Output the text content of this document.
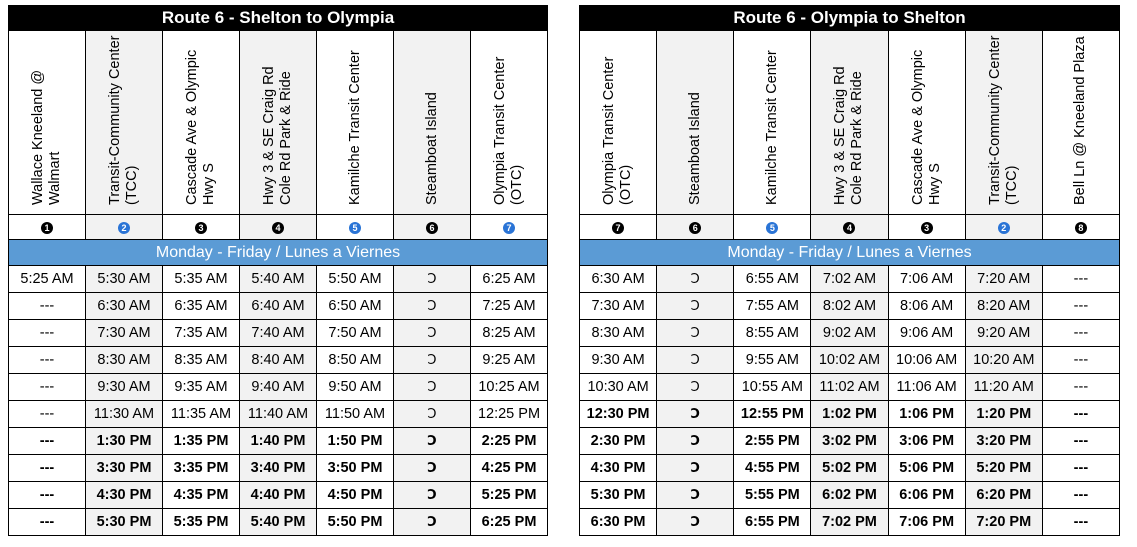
Route 6 - Shelton to Olympia						
Wallace Kneeland @ Walmart	Transit-Community Center (TCC)	Cascade Ave & Olympic Hwy S	Hwy 3 & SE Craig Rd Cole Rd Park & Ride	Kamilche Transit Center	Steamboat Island	Olympia Transit Center (OTC)
1	2	3	4	5	6	7
Monday - Friday / Lunes a Viernes						
5:25 AM	5:30 AM	5:35 AM	5:40 AM	5:50 AM	Ↄ	6:25 AM
---	6:30 AM	6:35 AM	6:40 AM	6:50 AM	Ↄ	7:25 AM
---	7:30 AM	7:35 AM	7:40 AM	7:50 AM	Ↄ	8:25 AM
---	8:30 AM	8:35 AM	8:40 AM	8:50 AM	Ↄ	9:25 AM
---	9:30 AM	9:35 AM	9:40 AM	9:50 AM	Ↄ	10:25 AM
---	11:30 AM	11:35 AM	11:40 AM	11:50 AM	Ↄ	12:25 PM
---	1:30 PM	1:35 PM	1:40 PM	1:50 PM	Ↄ	2:25 PM
---	3:30 PM	3:35 PM	3:40 PM	3:50 PM	Ↄ	4:25 PM
---	4:30 PM	4:35 PM	4:40 PM	4:50 PM	Ↄ	5:25 PM
---	5:30 PM	5:35 PM	5:40 PM	5:50 PM	Ↄ	6:25 PM
Route 6 - Olympia to Shelton						
Olympia Transit Center (OTC)	Steamboat Island	Kamilche Transit Center	Hwy 3 & SE Craig Rd Cole Rd Park & Ride	Cascade Ave & Olympic Hwy S	Transit-Community Center (TCC)	Bell Ln @ Kneeland Plaza
7	6	5	4	3	2	8
Monday - Friday / Lunes a Viernes						
6:30 AM	Ↄ	6:55 AM	7:02 AM	7:06 AM	7:20 AM	---
7:30 AM	Ↄ	7:55 AM	8:02 AM	8:06 AM	8:20 AM	---
8:30 AM	Ↄ	8:55 AM	9:02 AM	9:06 AM	9:20 AM	---
9:30 AM	Ↄ	9:55 AM	10:02 AM	10:06 AM	10:20 AM	---
10:30 AM	Ↄ	10:55 AM	11:02 AM	11:06 AM	11:20 AM	---
12:30 PM	Ↄ	12:55 PM	1:02 PM	1:06 PM	1:20 PM	---
2:30 PM	Ↄ	2:55 PM	3:02 PM	3:06 PM	3:20 PM	---
4:30 PM	Ↄ	4:55 PM	5:02 PM	5:06 PM	5:20 PM	---
5:30 PM	Ↄ	5:55 PM	6:02 PM	6:06 PM	6:20 PM	---
6:30 PM	Ↄ	6:55 PM	7:02 PM	7:06 PM	7:20 PM	---
